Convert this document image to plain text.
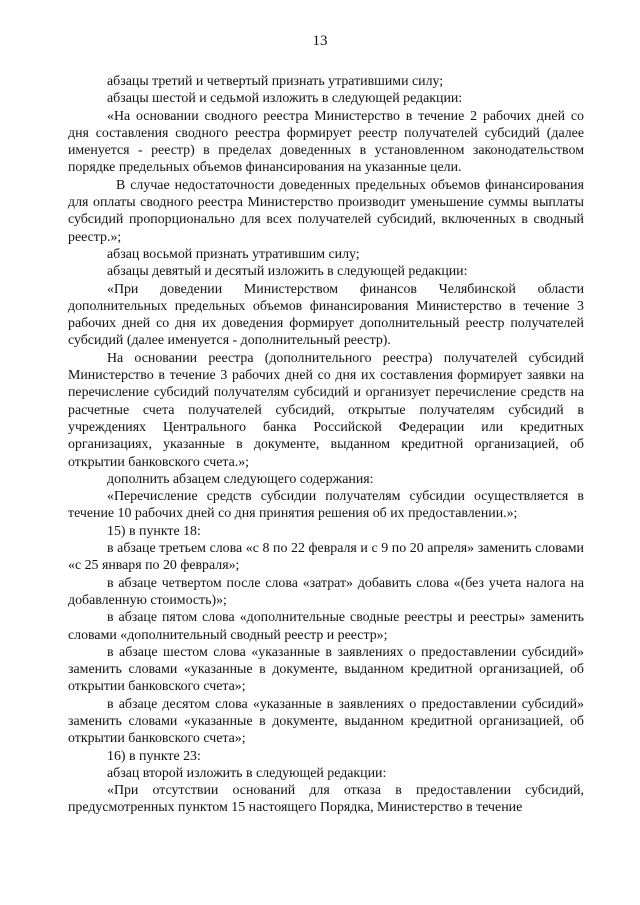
13

абзацы третий и четвертый признать утратившими силу;

абзацы шестой и седьмой изложить в следующей редакции:

«На основании сводного реестра Министерство в течение 2 рабочих дней со дня составления сводного реестра формирует реестр получателей субсидий (далее именуется - реестр) в пределах доведенных в установленном законодательством порядке предельных объемов финансирования на указанные цели.

В случае недостаточности доведенных предельных объемов финансирования для оплаты сводного реестра Министерство производит уменьшение суммы выплаты субсидий пропорционально для всех получателей субсидий, включенных в сводный реестр.»;

абзац восьмой признать утратившим силу;

абзацы девятый и десятый изложить в следующей редакции:

«При доведении Министерством финансов Челябинской области дополнительных предельных объемов финансирования Министерство в течение 3 рабочих дней со дня их доведения формирует дополнительный реестр получателей субсидий (далее именуется - дополнительный реестр).

На основании реестра (дополнительного реестра) получателей субсидий Министерство в течение 3 рабочих дней со дня их составления формирует заявки на перечисление субсидий получателям субсидий и организует перечисление средств на расчетные счета получателей субсидий, открытые получателям субсидий в учреждениях Центрального банка Российской Федерации или кредитных организациях, указанные в документе, выданном кредитной организацией, об открытии банковского счета.»;

дополнить абзацем следующего содержания:

«Перечисление средств субсидии получателям субсидии осуществляется в течение 10 рабочих дней со дня принятия решения об их предоставлении.»;

15) в пункте 18:

в абзаце третьем слова «с 8 по 22 февраля и с 9 по 20 апреля» заменить словами «с 25 января по 20 февраля»;

в абзаце четвертом после слова «затрат» добавить слова «(без учета налога на добавленную стоимость)»;

в абзаце пятом слова «дополнительные сводные реестры и реестры» заменить словами «дополнительный сводный реестр и реестр»;

в абзаце шестом слова «указанные в заявлениях о предоставлении субсидий» заменить словами «указанные в документе, выданном кредитной организацией, об открытии банковского счета»;

в абзаце десятом слова «указанные в заявлениях о предоставлении субсидий» заменить словами «указанные в документе, выданном кредитной организацией, об открытии банковского счета»;

16) в пункте 23:

абзац второй изложить в следующей редакции:

«При отсутствии оснований для отказа в предоставлении субсидий, предусмотренных пунктом 15 настоящего Порядка, Министерство в течение
